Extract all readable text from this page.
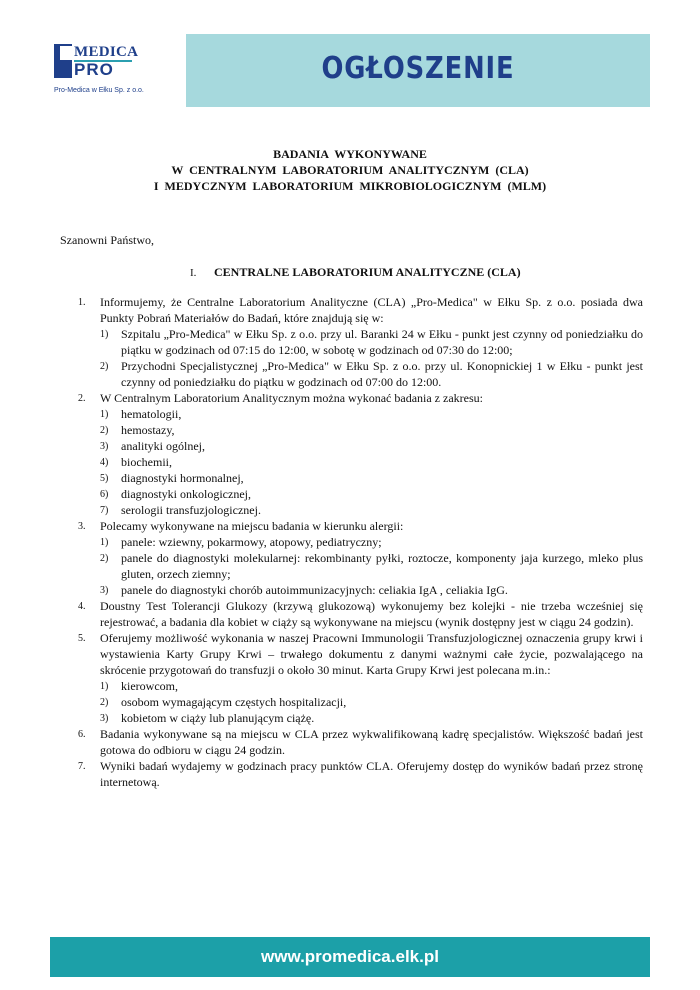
MEDICA
PRO
Pro-Medica w Ełku Sp. z o.o.
OGŁOSZENIE
BADANIA WYKONYWANE
W CENTRALNYM LABORATORIUM ANALITYCZNYM (CLA)
I MEDYCZNYM LABORATORIUM MIKROBIOLOGICZNYM (MLM)
Szanowni Państwo,
I. CENTRALNE LABORATORIUM ANALITYCZNE (CLA)
1. Informujemy, że Centralne Laboratorium Analityczne (CLA) „Pro-Medica" w Ełku Sp. z o.o. posiada dwa Punkty Pobrań Materiałów do Badań, które znajdują się w:
1) Szpitalu „Pro-Medica" w Ełku Sp. z o.o. przy ul. Baranki 24 w Ełku - punkt jest czynny od poniedziałku do piątku w godzinach od 07:15 do 12:00, w sobotę w godzinach od 07:30 do 12:00;
2) Przychodni Specjalistycznej „Pro-Medica" w Ełku Sp. z o.o. przy ul. Konopnickiej 1 w Ełku - punkt jest czynny od poniedziałku do piątku w godzinach od 07:00 do 12:00.
2. W Centralnym Laboratorium Analitycznym można wykonać badania z zakresu:
1) hematologii,
2) hemostazy,
3) analityki ogólnej,
4) biochemii,
5) diagnostyki hormonalnej,
6) diagnostyki onkologicznej,
7) serologii transfuzjologicznej.
3. Polecamy wykonywane na miejscu badania w kierunku alergii:
1) panele: wziewny, pokarmowy, atopowy, pediatryczny;
2) panele do diagnostyki molekularnej: rekombinanty pyłki, roztocze, komponenty jaja kurzego, mleko plus gluten, orzech ziemny;
3) panele do diagnostyki chorób autoimmunizacyjnych: celiakia IgA , celiakia IgG.
4. Doustny Test Tolerancji Glukozy (krzywą glukozową) wykonujemy bez kolejki - nie trzeba wcześniej się rejestrować, a badania dla kobiet w ciąży są wykonywane na miejscu (wynik dostępny jest w ciągu 24 godzin).
5. Oferujemy możliwość wykonania w naszej Pracowni Immunologii Transfuzjologicznej oznaczenia grupy krwi i wystawienia Karty Grupy Krwi – trwałego dokumentu z danymi ważnymi całe życie, pozwalającego na skrócenie przygotowań do transfuzji o około 30 minut. Karta Grupy Krwi jest polecana m.in.:
1) kierowcom,
2) osobom wymagającym częstych hospitalizacji,
3) kobietom w ciąży lub planującym ciążę.
6. Badania wykonywane są na miejscu w CLA przez wykwalifikowaną kadrę specjalistów. Większość badań jest gotowa do odbioru w ciągu 24 godzin.
7. Wyniki badań wydajemy w godzinach pracy punktów CLA. Oferujemy dostęp do wyników badań przez stronę internetową.
www.promedica.elk.pl
